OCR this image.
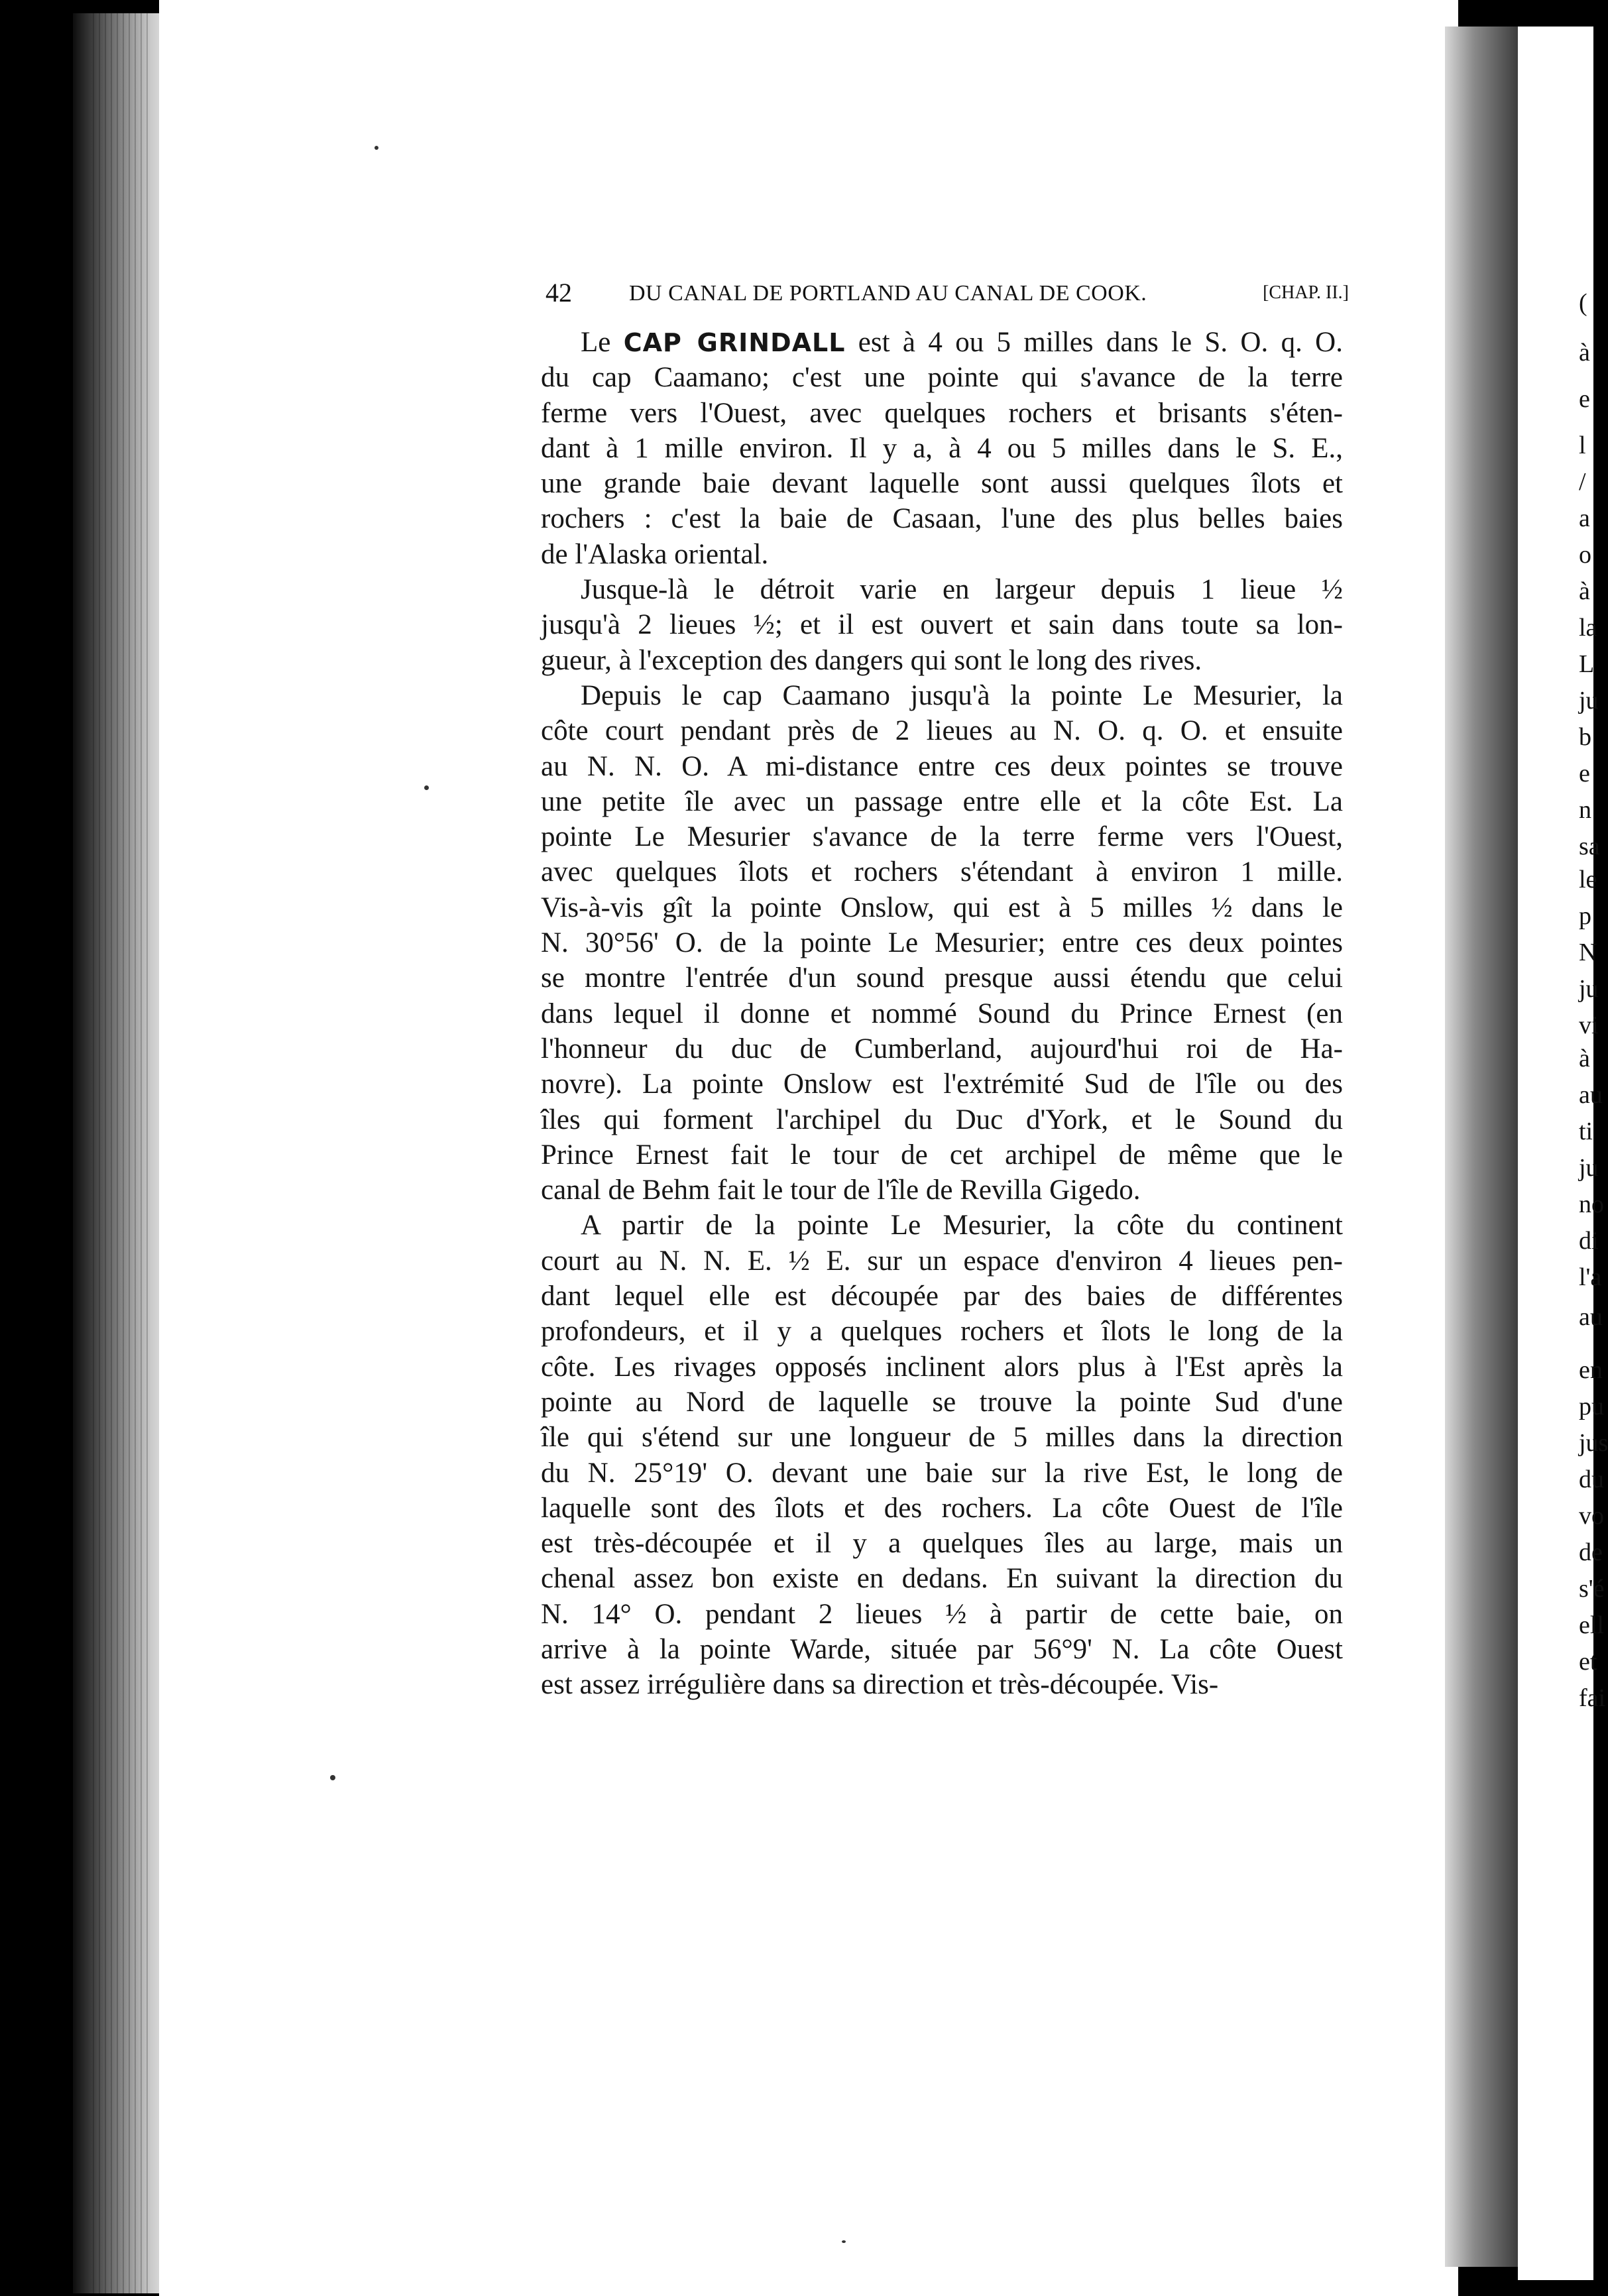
(
à
e
l
/
a
o
à
la
L
ju
b
e
n
sa
le
p
N
ju
vi
à
au
ti
ju
no
di
l'a
au
en
pu
jus
du
vo
de
s'é
ell
et
fai
42	DU CANAL DE PORTLAND AU CANAL DE COOK.	[CHAP. II.]
Le CAP GRINDALL est à 4 ou 5 milles dans le S. O. q. O.
du cap Caamano; c'est une pointe qui s'avance de la terre
ferme vers l'Ouest, avec quelques rochers et brisants s'éten-
dant à 1 mille environ. Il y a, à 4 ou 5 milles dans le S. E.,
une grande baie devant laquelle sont aussi quelques îlots et
rochers : c'est la baie de Casaan, l'une des plus belles baies
de l'Alaska oriental.
Jusque-là le détroit varie en largeur depuis 1 lieue ½
jusqu'à 2 lieues ½; et il est ouvert et sain dans toute sa lon-
gueur, à l'exception des dangers qui sont le long des rives.
Depuis le cap Caamano jusqu'à la pointe Le Mesurier, la
côte court pendant près de 2 lieues au N. O. q. O. et ensuite
au N. N. O. A mi-distance entre ces deux pointes se trouve
une petite île avec un passage entre elle et la côte Est. La
pointe Le Mesurier s'avance de la terre ferme vers l'Ouest,
avec quelques îlots et rochers s'étendant à environ 1 mille.
Vis-à-vis gît la pointe Onslow, qui est à 5 milles ½ dans le
N. 30°56' O. de la pointe Le Mesurier; entre ces deux pointes
se montre l'entrée d'un sound presque aussi étendu que celui
dans lequel il donne et nommé Sound du Prince Ernest (en
l'honneur du duc de Cumberland, aujourd'hui roi de Ha-
novre). La pointe Onslow est l'extrémité Sud de l'île ou des
îles qui forment l'archipel du Duc d'York, et le Sound du
Prince Ernest fait le tour de cet archipel de même que le
canal de Behm fait le tour de l'île de Revilla Gigedo.
A partir de la pointe Le Mesurier, la côte du continent
court au N. N. E. ½ E. sur un espace d'environ 4 lieues pen-
dant lequel elle est découpée par des baies de différentes
profondeurs, et il y a quelques rochers et îlots le long de la
côte. Les rivages opposés inclinent alors plus à l'Est après la
pointe au Nord de laquelle se trouve la pointe Sud d'une
île qui s'étend sur une longueur de 5 milles dans la direction
du N. 25°19' O. devant une baie sur la rive Est, le long de
laquelle sont des îlots et des rochers. La côte Ouest de l'île
est très-découpée et il y a quelques îles au large, mais un
chenal assez bon existe en dedans. En suivant la direction du
N. 14° O. pendant 2 lieues ½ à partir de cette baie, on
arrive à la pointe Warde, située par 56°9' N. La côte Ouest
est assez irrégulière dans sa direction et très-découpée. Vis-
